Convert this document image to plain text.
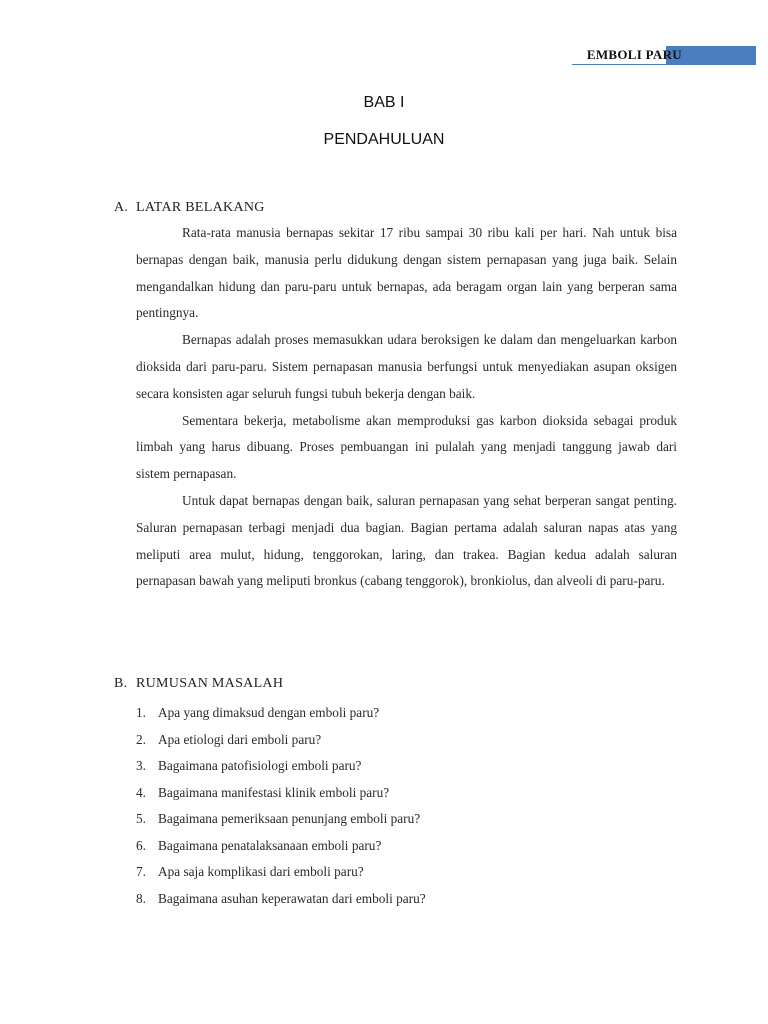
EMBOLI PARU
BAB I
PENDAHULUAN
A. LATAR BELAKANG

Rata-rata manusia bernapas sekitar 17 ribu sampai 30 ribu kali per hari. Nah untuk bisa bernapas dengan baik, manusia perlu didukung dengan sistem pernapasan yang juga baik. Selain mengandalkan hidung dan paru-paru untuk bernapas, ada beragam organ lain yang berperan sama pentingnya.

Bernapas adalah proses memasukkan udara beroksigen ke dalam dan mengeluarkan karbon dioksida dari paru-paru. Sistem pernapasan manusia berfungsi untuk menyediakan asupan oksigen secara konsisten agar seluruh fungsi tubuh bekerja dengan baik.

Sementara bekerja, metabolisme akan memproduksi gas karbon dioksida sebagai produk limbah yang harus dibuang. Proses pembuangan ini pulalah yang menjadi tanggung jawab dari sistem pernapasan.

Untuk dapat bernapas dengan baik, saluran pernapasan yang sehat berperan sangat penting. Saluran pernapasan terbagi menjadi dua bagian. Bagian pertama adalah saluran napas atas yang meliputi area mulut, hidung, tenggorokan, laring, dan trakea. Bagian kedua adalah saluran pernapasan bawah yang meliputi bronkus (cabang tenggorok), bronkiolus, dan alveoli di paru-paru.

B. RUMUSAN MASALAH
1. Apa yang dimaksud dengan emboli paru?
2. Apa etiologi dari emboli paru?
3. Bagaimana patofisiologi emboli paru?
4. Bagaimana manifestasi klinik emboli paru?
5. Bagaimana pemeriksaan penunjang emboli paru?
6. Bagaimana penatalaksanaan emboli paru?
7. Apa saja komplikasi dari emboli paru?
8. Bagaimana asuhan keperawatan dari emboli paru?
